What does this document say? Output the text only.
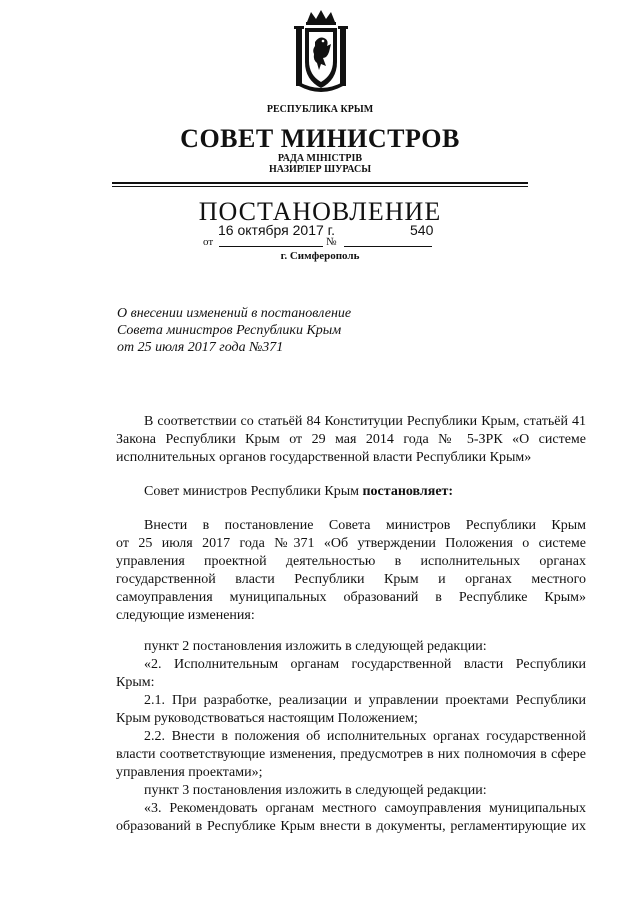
РЕСПУБЛИКА КРЫМ
СОВЕТ МИНИСТРОВ
РАДА МІНІСТРІВ
НАЗИРЛЕР ШУРАСЫ
ПОСТАНОВЛЕНИЕ
16 октября 2017 г.	540
от	№
г. Симферополь
О внесении изменений в постановление
Совета министров Республики Крым
от 25 июля 2017 года №371
В соответствии со статьёй 84 Конституции Республики Крым, статьёй 41
Закона Республики Крым от 29 мая 2014 года № 5-ЗРК «О системе
исполнительных органов государственной власти Республики Крым»
Совет министров Республики Крым постановляет:
Внести в постановление Совета министров Республики Крым
от 25 июля 2017 года №371 «Об утверждении Положения о системе
управления проектной деятельностью в исполнительных органах
государственной власти Республики Крым и органах местного
самоуправления муниципальных образований в Республике Крым»
следующие изменения:
пункт 2 постановления изложить в следующей редакции:
«2. Исполнительным органам государственной власти Республики
Крым:
2.1. При разработке, реализации и управлении проектами Республики
Крым руководствоваться настоящим Положением;
2.2. Внести в положения об исполнительных органах государственной
власти соответствующие изменения, предусмотрев в них полномочия в сфере
управления проектами»;
пункт 3 постановления изложить в следующей редакции:
«3. Рекомендовать органам местного самоуправления муниципальных
образований в Республике Крым внести в документы, регламентирующие их
